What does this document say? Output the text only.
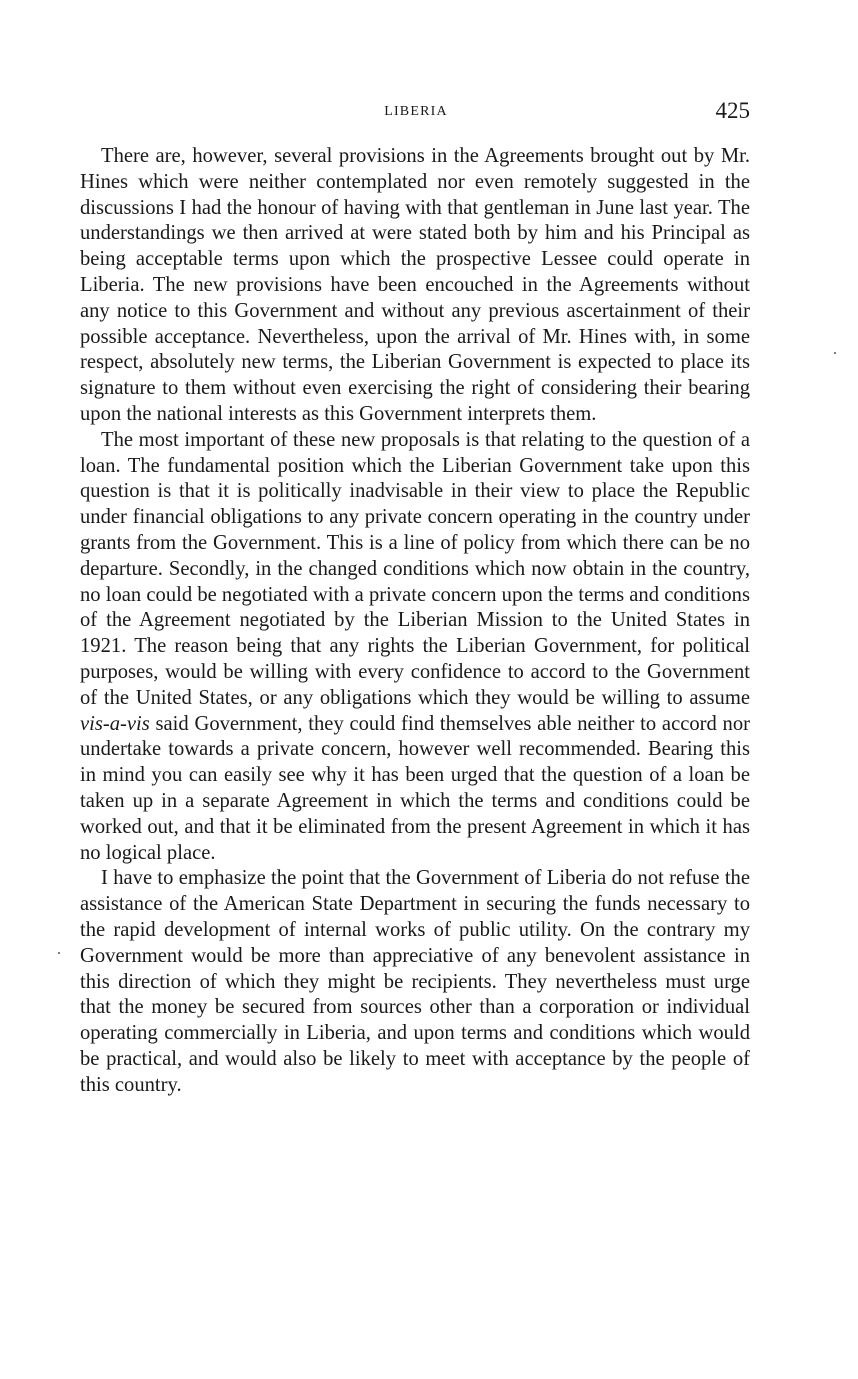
LIBERIA	425

There are, however, several provisions in the Agreements brought out by Mr. Hines which were neither contemplated nor even remotely suggested in the discussions I had the honour of having with that gentleman in June last year. The understandings we then arrived at were stated both by him and his Principal as being acceptable terms upon which the prospective Lessee could operate in Liberia. The new provisions have been encouched in the Agreements without any notice to this Government and without any previous ascertainment of their possible acceptance. Nevertheless, upon the arrival of Mr. Hines with, in some respect, absolutely new terms, the Liberian Government is expected to place its signature to them without even exercising the right of considering their bearing upon the national interests as this Government interprets them.

The most important of these new proposals is that relating to the question of a loan. The fundamental position which the Liberian Government take upon this question is that it is politically inadvisable in their view to place the Republic under financial obligations to any private concern operating in the country under grants from the Government. This is a line of policy from which there can be no departure. Secondly, in the changed conditions which now obtain in the country, no loan could be negotiated with a private concern upon the terms and conditions of the Agreement negotiated by the Liberian Mission to the United States in 1921. The reason being that any rights the Liberian Government, for political purposes, would be willing with every confidence to accord to the Government of the United States, or any obligations which they would be willing to assume vis-a-vis said Government, they could find themselves able neither to accord nor undertake towards a private concern, however well recommended. Bearing this in mind you can easily see why it has been urged that the question of a loan be taken up in a separate Agreement in which the terms and conditions could be worked out, and that it be eliminated from the present Agreement in which it has no logical place.

I have to emphasize the point that the Government of Liberia do not refuse the assistance of the American State Department in securing the funds necessary to the rapid development of internal works of public utility. On the contrary my Government would be more than appreciative of any benevolent assistance in this direction of which they might be recipients. They nevertheless must urge that the money be secured from sources other than a corporation or individual operating commercially in Liberia, and upon terms and conditions which would be practical, and would also be likely to meet with acceptance by the people of this country.
